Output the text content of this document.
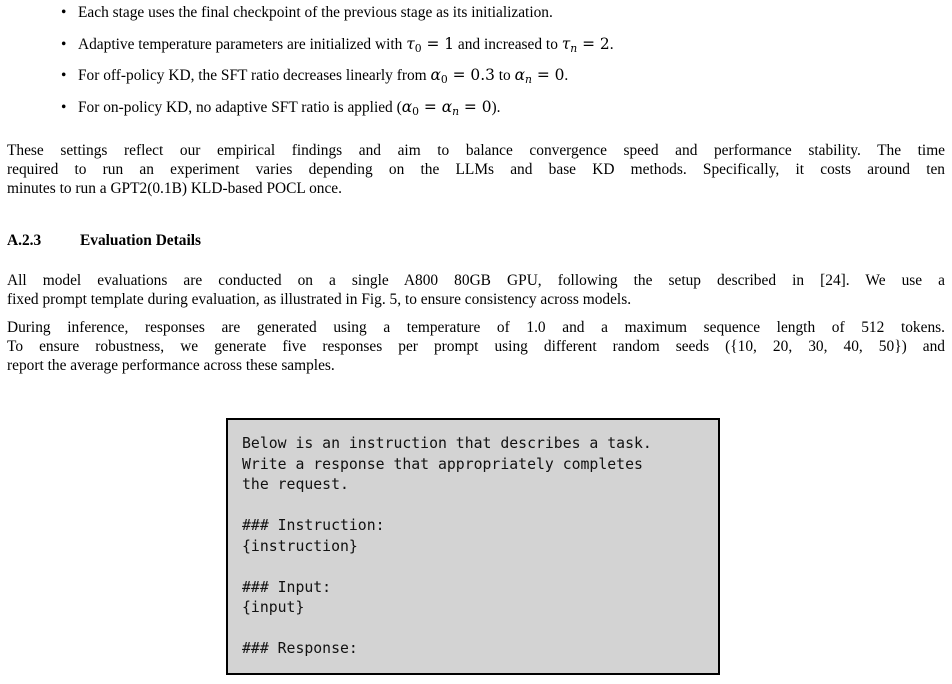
• Each stage uses the final checkpoint of the previous stage as its initialization.
• Adaptive temperature parameters are initialized with $\tau_0 = 1$ and increased to $\tau_n = 2$.
• For off-policy KD, the SFT ratio decreases linearly from $\alpha_0 = 0.3$ to $\alpha_n = 0$.
• For on-policy KD, no adaptive SFT ratio is applied $(\alpha_0 = \alpha_n = 0)$.

These settings reflect our empirical findings and aim to balance convergence speed and performance stability. The time
required to run an experiment varies depending on the LLMs and base KD methods. Specifically, it costs around ten
minutes to run a GPT2(0.1B) KLD-based POCL once.

A.2.3	Evaluation Details

All model evaluations are conducted on a single A800 80GB GPU, following the setup described in [24]. We use a
fixed prompt template during evaluation, as illustrated in Fig. 5, to ensure consistency across models.

During inference, responses are generated using a temperature of 1.0 and a maximum sequence length of 512 tokens.
To ensure robustness, we generate five responses per prompt using different random seeds ({10, 20, 30, 40, 50}) and
report the average performance across these samples.

Below is an instruction that describes a task.
Write a response that appropriately completes
the request.

### Instruction:
{instruction}

### Input:
{input}

### Response:
